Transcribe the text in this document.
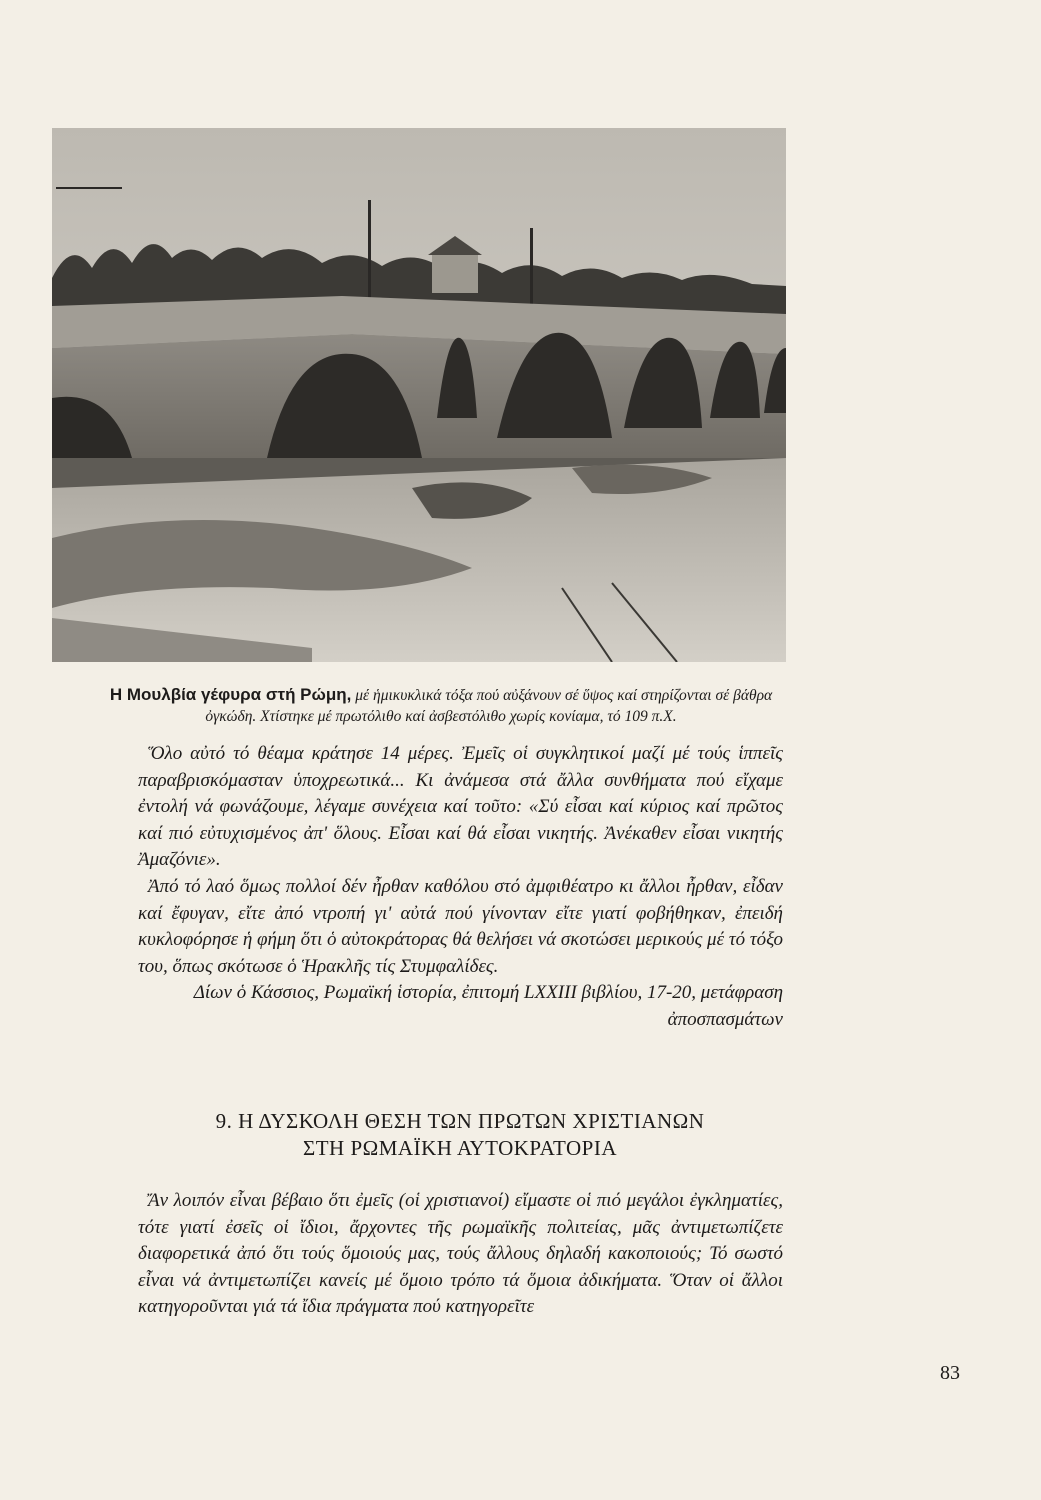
Η Μουλβία γέφυρα στή Ρώμη, μέ ἡμικυκλικά τόξα πού αὐξάνουν σέ ὕψος καί στηρίζονται σέ βάθρα ὀγκώδη. Χτίστηκε μέ πρωτόλιθο καί ἀσβεστόλιθο χωρίς κονίαμα, τό 109 π.Χ.

Ὅλο αὐτό τό θέαμα κράτησε 14 μέρες. Ἐμεῖς οἱ συγκλητικοί μαζί μέ τούς ἱππεῖς παραβρισκόμασταν ὑποχρεωτικά... Κι ἀνάμεσα στά ἄλλα συνθήματα πού εἴχαμε ἐντολή νά φωνάζουμε, λέγαμε συνέχεια καί τοῦτο: «Σύ εἶσαι καί κύριος καί πρῶτος καί πιό εὐτυχισμένος ἀπ' ὅλους. Εἶσαι καί θά εἶσαι νικητής. Ἀνέκαθεν εἶσαι νικητής Ἀμαζόνιε».

Ἀπό τό λαό ὅμως πολλοί δέν ἦρθαν καθόλου στό ἀμφιθέατρο κι ἄλλοι ἦρθαν, εἶδαν καί ἔφυγαν, εἴτε ἀπό ντροπή γι' αὐτά πού γίνονταν εἴτε γιατί φοβήθηκαν, ἐπειδή κυκλοφόρησε ἡ φήμη ὅτι ὁ αὐτοκράτορας θά θελήσει νά σκοτώσει μερικούς μέ τό τόξο του, ὅπως σκότωσε ὁ Ἡρακλῆς τίς Στυμφαλίδες.

Δίων ὁ Κάσσιος, Ρωμαϊκή ἱστορία, ἐπιτομή LXXIII βιβλίου, 17-20, μετάφραση ἀποσπασμάτων

9. Η ΔΥΣΚΟΛΗ ΘΕΣΗ ΤΩΝ ΠΡΩΤΩΝ ΧΡΙΣΤΙΑΝΩΝ
ΣΤΗ ΡΩΜΑΪΚΗ ΑΥΤΟΚΡΑΤΟΡΙΑ

Ἄν λοιπόν εἶναι βέβαιο ὅτι ἐμεῖς (οἱ χριστιανοί) εἴμαστε οἱ πιό μεγάλοι ἐγκληματίες, τότε γιατί ἐσεῖς οἱ ἴδιοι, ἄρχοντες τῆς ρωμαϊκῆς πολιτείας, μᾶς ἀντιμετωπίζετε διαφορετικά ἀπό ὅτι τούς ὅμοιούς μας, τούς ἄλλους δηλαδή κακοποιούς; Τό σωστό εἶναι νά ἀντιμετωπίζει κανείς μέ ὅμοιο τρόπο τά ὅμοια ἀδικήματα. Ὅταν οἱ ἄλλοι κατηγοροῦνται γιά τά ἴδια πράγματα πού κατηγορεῖτε

83
